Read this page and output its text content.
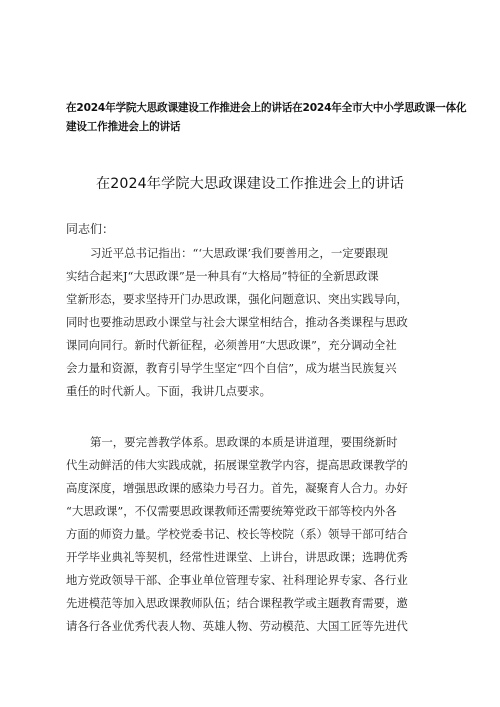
在2024年学院大思政课建设工作推进会上的讲话在2024年全市大中小学思政课一体化
建设工作推进会上的讲话
在2024年学院大思政课建设工作推进会上的讲话
同志们：
习近平总书记指出：“‘大思政课’我们要善用之，一定要跟现
实结合起来J“大思政课”是一种具有“大格局”特征的全新思政课
堂新形态，要求坚持开门办思政课，强化问题意识、突出实践导向，
同时也要推动思政小课堂与社会大课堂相结合，推动各类课程与思政
课同向同行。新时代新征程，必须善用“大思政课”，充分调动全社
会力量和资源，教育引导学生坚定“四个自信”，成为堪当民族复兴
重任的时代新人。下面，我讲几点要求。
第一，要完善教学体系。思政课的本质是讲道理，要围绕新时
代生动鲜活的伟大实践成就，拓展课堂教学内容，提高思政课教学的
高度深度，增强思政课的感染力号召力。首先，凝聚育人合力。办好
“大思政课”，不仅需要思政课教师还需要统筹党政干部等校内外各
方面的师资力量。学校党委书记、校长等校院（系）领导干部可结合
开学毕业典礼等契机，经常性进课堂、上讲台，讲思政课；选聘优秀
地方党政领导干部、企事业单位管理专家、社科理论界专家、各行业
先进模范等加入思政课教师队伍；结合课程教学或主题教育需要，邀
请各行各业优秀代表人物、英雄人物、劳动模范、大国工匠等先进代
